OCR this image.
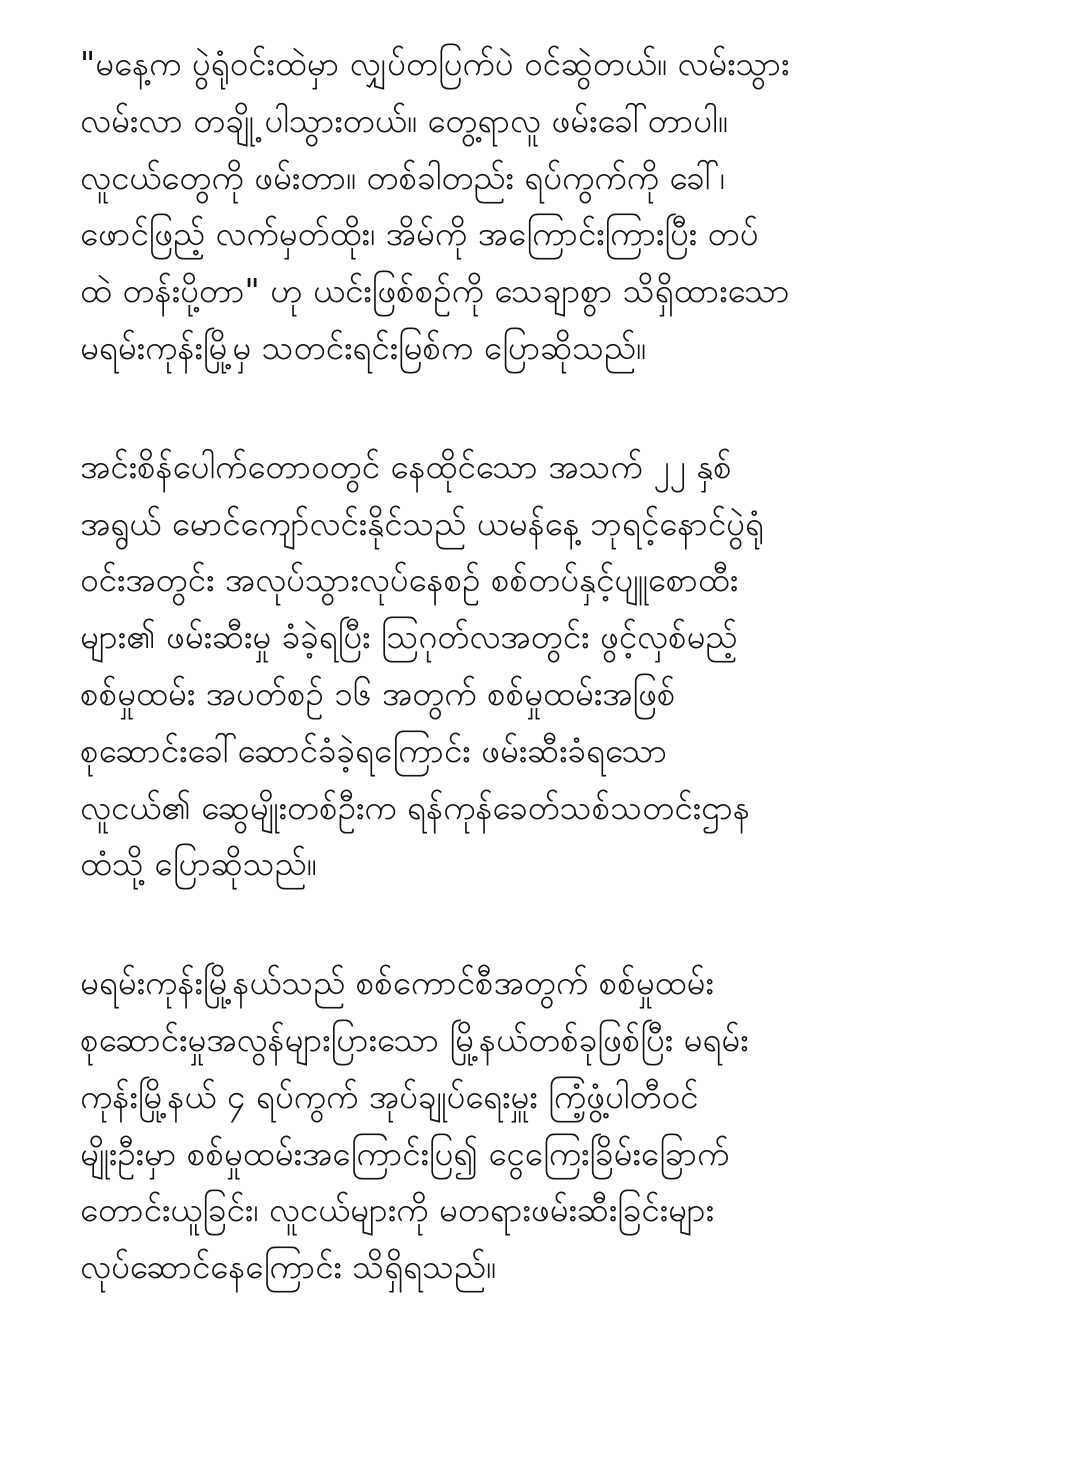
"မနေ့က ပွဲရုံဝင်းထဲမှာ လျှပ်တပြက်ပဲ ဝင်ဆွဲတယ်။ လမ်းသွား
လမ်းလာ တချို့ ပါသွားတယ်။ တွေ့ရာလူ ဖမ်းခေါ်တာပါ။
လူငယ်တွေကို ဖမ်းတာ။ တစ်ခါတည်း ရပ်ကွက်ကို ခေါ်၊
ဖောင်ဖြည့် လက်မှတ်ထိုး၊ အိမ်ကို အကြောင်းကြားပြီး တပ်
ထဲ တန်းပို့တာ" ဟု ယင်းဖြစ်စဉ်ကို သေချာစွာ သိရှိထားသော
မရမ်းကုန်းမြို့မှ သတင်းရင်းမြစ်က ပြောဆိုသည်။
အင်းစိန်ပေါက်တောဝတွင် နေထိုင်သော အသက် ၂၂ နှစ်
အရွယ် မောင်ကျော်လင်းနိုင်သည် ယမန်နေ့ ဘုရင့်နောင်ပွဲရုံ
ဝင်းအတွင်း အလုပ်သွားလုပ်နေစဉ် စစ်တပ်နှင့်ပျူစောထီး
များ၏ ဖမ်းဆီးမှု ခံခဲ့ရပြီး ဩဂုတ်လအတွင်း ဖွင့်လှစ်မည့်
စစ်မှုထမ်း အပတ်စဉ် ၁၆ အတွက် စစ်မှုထမ်းအဖြစ်
စုဆောင်းခေါ်ဆောင်ခံခဲ့ရကြောင်း ဖမ်းဆီးခံရသော
လူငယ်၏ ဆွေမျိုးတစ်ဦးက ရန်ကုန်ခေတ်သစ်သတင်းဌာန
ထံသို့ ပြောဆိုသည်။
မရမ်းကုန်းမြို့နယ်သည် စစ်ကောင်စီအတွက် စစ်မှုထမ်း
စုဆောင်းမှုအလွန်များပြားသော မြို့နယ်တစ်ခုဖြစ်ပြီး မရမ်း
ကုန်းမြို့နယ် ၄ ရပ်ကွက် အုပ်ချုပ်ရေးမှူး ကြံ့ဖွံ့ပါတီဝင်
မျိုးဦးမှာ စစ်မှုထမ်းအကြောင်းပြ၍ ငွေကြေးခြိမ်းခြောက်
တောင်းယူခြင်း၊ လူငယ်များကို မတရားဖမ်းဆီးခြင်းများ
လုပ်ဆောင်နေကြောင်း သိရှိရသည်။
